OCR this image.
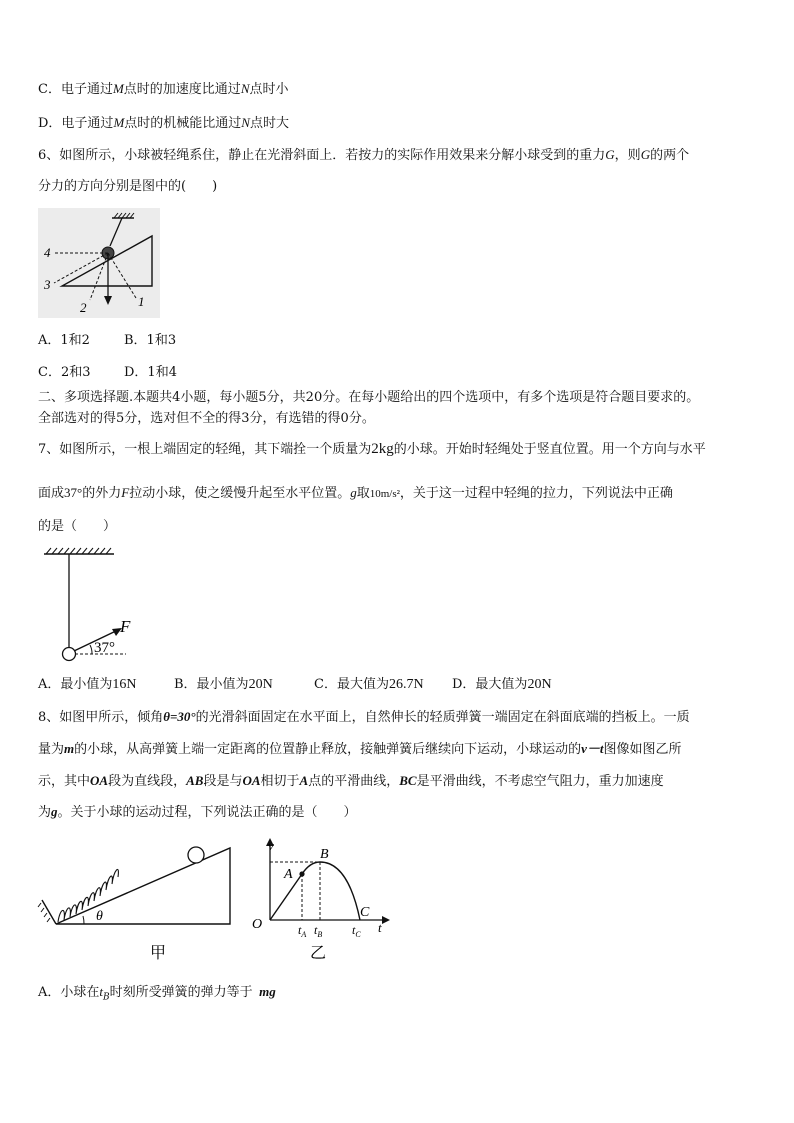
C．电子通过M点时的加速度比通过N点时小
D．电子通过M点时的机械能比通过N点时大
6、如图所示，小球被轻绳系住，静止在光滑斜面上．若按力的实际作用效果来分解小球受到的重力G，则G的两个
分力的方向分别是图中的(　　)
4
3
2	1
A．1和2	B．1和3
C．2和3	D．1和4
二、多项选择题.本题共4小题，每小题5分，共20分。在每小题给出的四个选项中，有多个选项是符合题目要求的。
全部选对的得5分，选对但不全的得3分，有选错的得0分。
7、如图所示，一根上端固定的轻绳，其下端拴一个质量为2kg的小球。开始时轻绳处于竖直位置。用一个方向与水平
面成37°的外力F拉动小球，使之缓慢升起至水平位置。g取10m/s²，关于这一过程中轻绳的拉力，下列说法中正确
的是（　　）
F
37°
A．最小值为16N	B．最小值为20N	C．最大值为26.7N D．最大值为20N
8、如图甲所示，倾角θ=30°的光滑斜面固定在水平面上，自然伸长的轻质弹簧一端固定在斜面底端的挡板上。一质
量为m的小球，从高弹簧上端一定距离的位置静止释放，接触弹簧后继续向下运动，小球运动的v－t图像如图乙所
示，其中OA段为直线段，AB段是与OA相切于A点的平滑曲线，BC是平滑曲线，不考虑空气阻力，重力加速度
为g。关于小球的运动过程，下列说法正确的是（　　）
θ
甲
v
O
A
B
C
t
$t_A$ $t_B$ $t_C$
乙
A．小球在$t_B$时刻所受弹簧的弹力等于  mg
